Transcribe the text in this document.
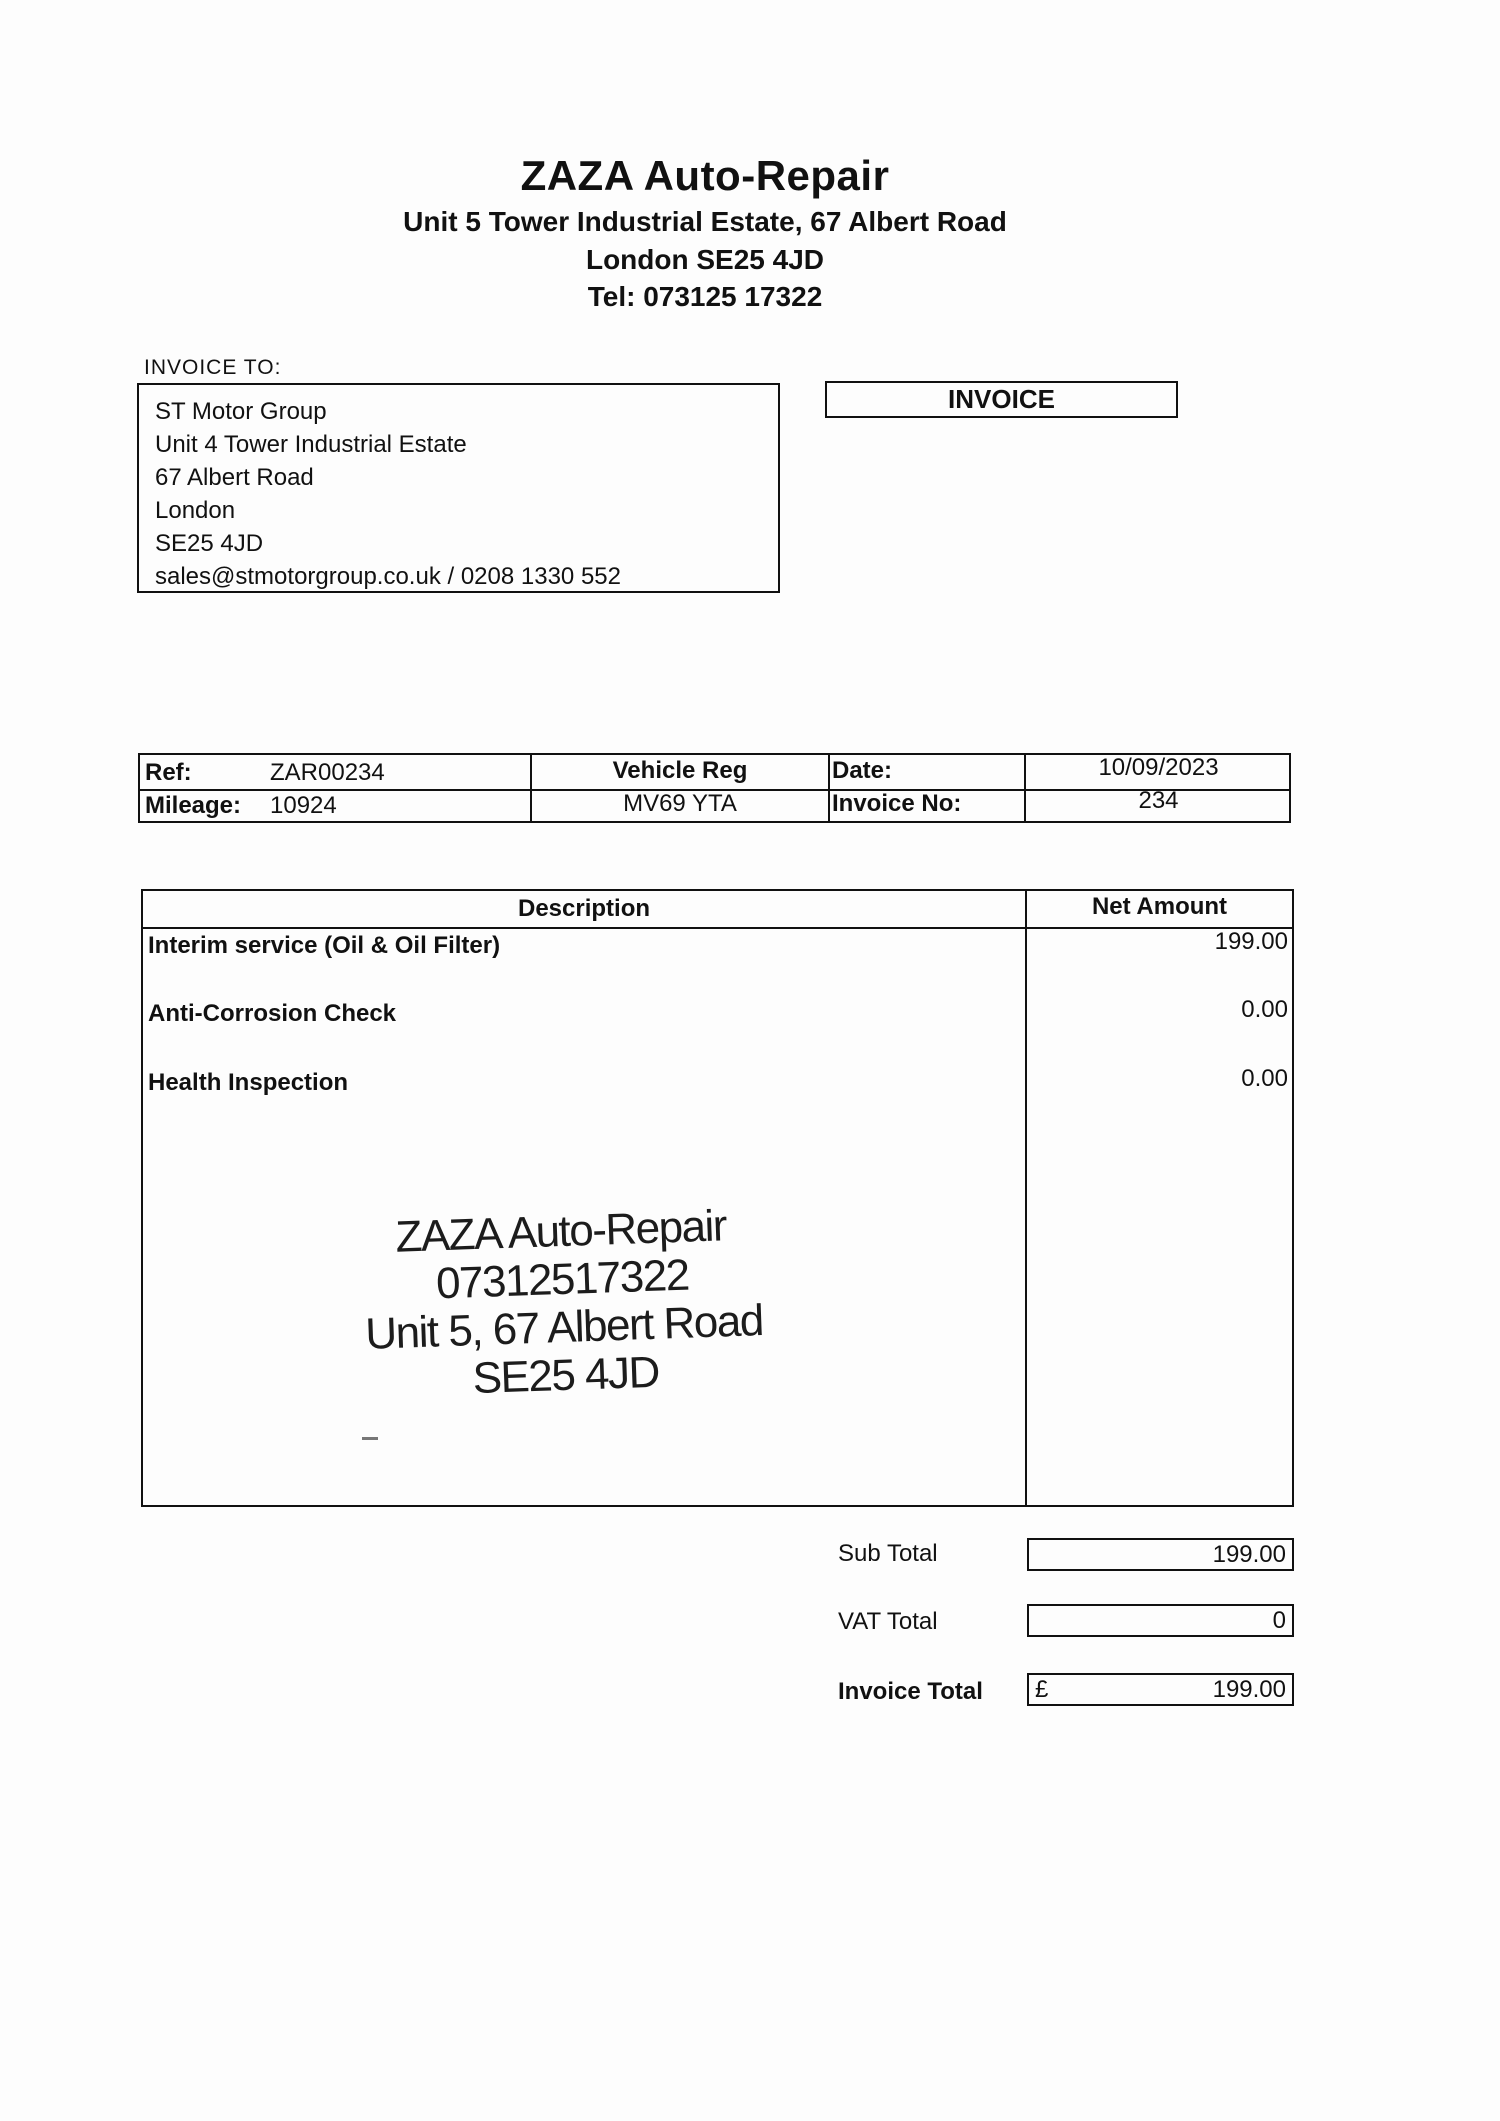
ZAZA Auto-Repair
Unit 5 Tower Industrial Estate, 67 Albert Road
London SE25 4JD
Tel: 073125 17322
INVOICE TO:
ST Motor Group
Unit 4 Tower Industrial Estate
67 Albert Road
London
SE25 4JD
sales@stmotorgroup.co.uk / 0208 1330 552
INVOICE
Ref:	ZAR00234	Vehicle Reg	Date:	10/09/2023
Mileage: 10924	MV69 YTA	Invoice No:	234
Description	Net Amount
Interim service (Oil & Oil Filter)	199.00
Anti-Corrosion Check	0.00
Health Inspection	0.00
ZAZA Auto-Repair
07312517322
Unit 5, 67 Albert Road
SE25 4JD
Sub Total	199.00
VAT Total	0
Invoice Total £	199.00
